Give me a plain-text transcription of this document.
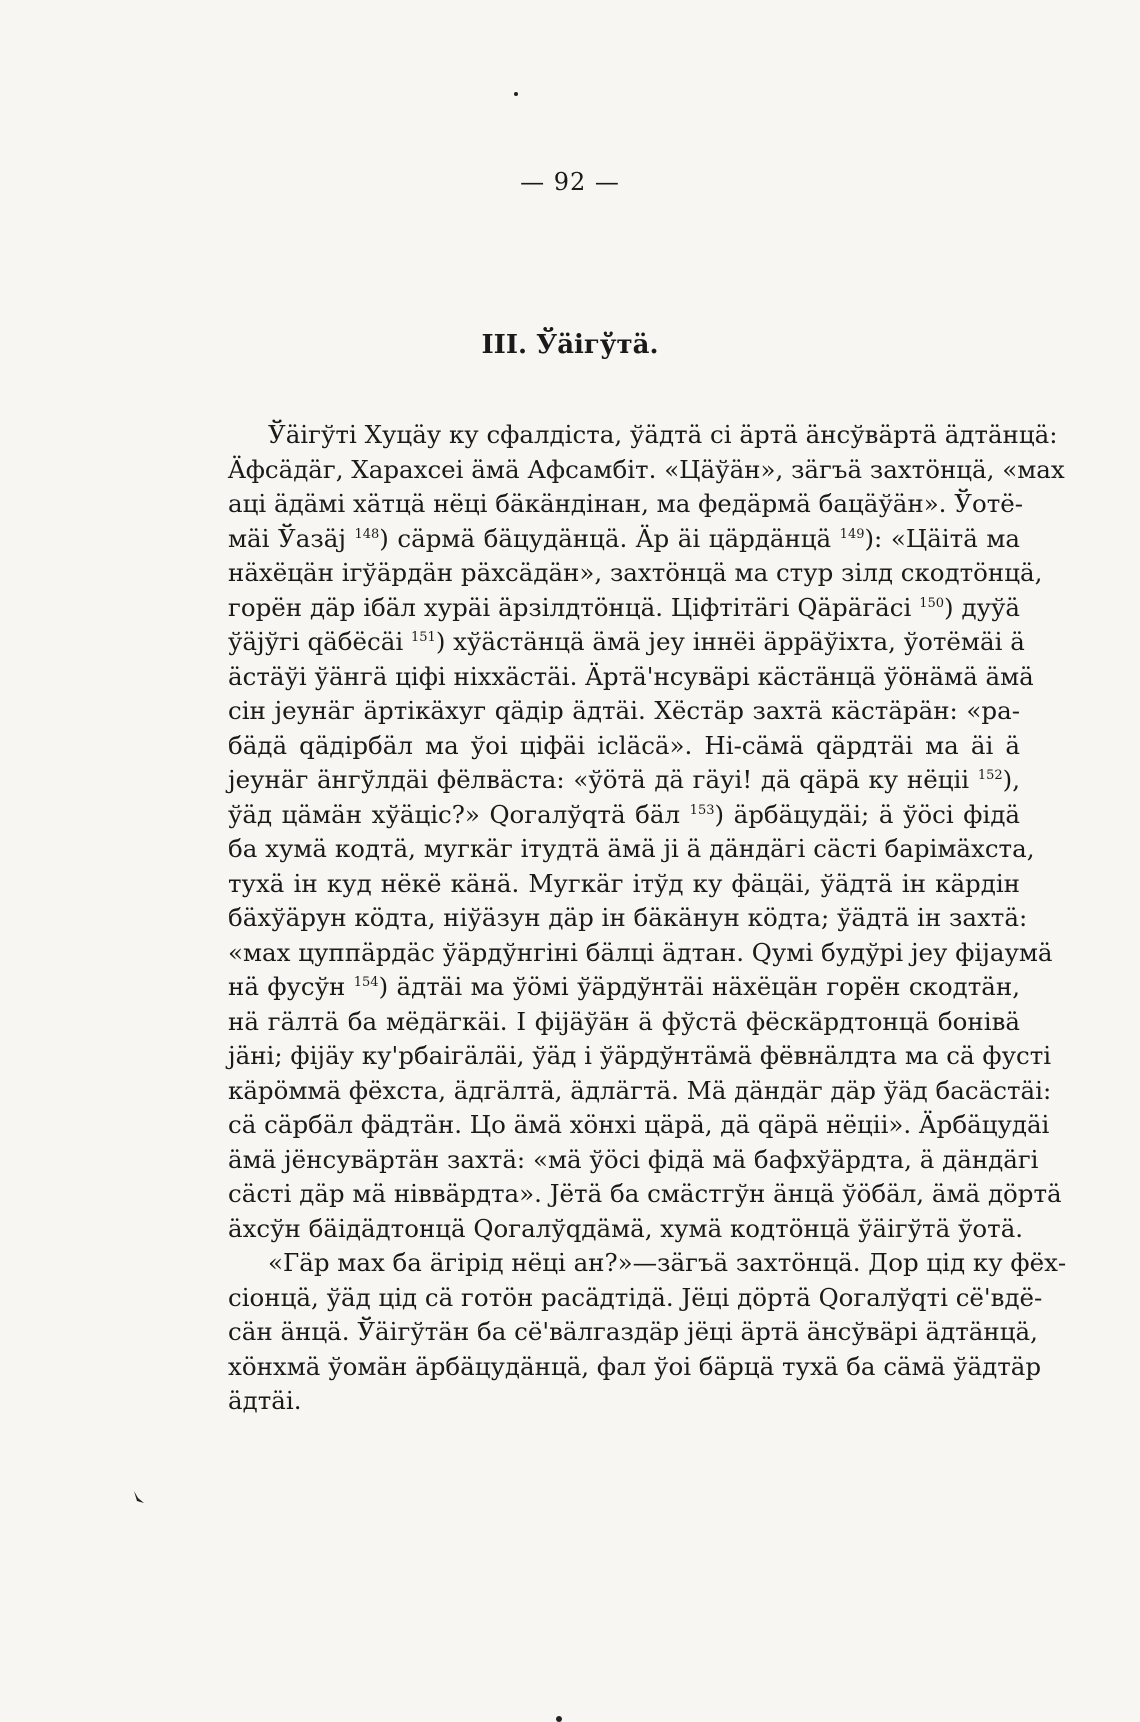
— 92 —
III. Ўäiгўтä.
Ўäiгўтi Хуцäу ку сфалдiста, ўäдтä сi äртä äнсўвäртä äдтäнцä:
Äфсäдäг, Харахсеi äмä Афсамбiт. «Цäўäн», зäгъä захтöнцä, «мах
аці äдäмi хäтцä нёцi бäкäндiнан, ма федäрмä бацäўäн». Ўотё-
мäi Ўазäj $^{148}$) сäрмä бäцудäнцä. Äр äi цäрдäнцä $^{149}$): «Цäiтä ма
нäхёцäн iгўäрдäн рäхсäдäн», захтöнцä ма стур зiлд скодтöнцä,
горён дäр iбäл хурäi äрзiлдтöнцä. Цiфтiтäгi Qäрäгäсi $^{150}$) дуўä
ўäjўгi qäбёсäi $^{151}$) хўäстäнцä äмä jеу iннёi äррäўiхта, ўотёмäi ä
äстäўi ўäнгä цiфi нiххäстäi. Äртä'нсувäрi кäстäнцä ўöнäмä äмä
сiн jеунäг äртiкäхуг qäдiр äдтäi. Хёстäр захтä кäстäрäн: «ра-
бäдä qäдiрбäл ма ўоi цiфäi iсläсä». Нi-сäмä qäрдтäi ма äi ä
jеунäг äнгўлдäi фёлвäста: «ўöтä дä гäуi! дä qäрä ку нёцii $^{152}$),
ўäд цäмäн хўäцiс?» Qогалўqтä бäл $^{153}$) äрбäцудäi; ä ўöсi фiдä
ба хумä кодтä, мугкäг iтудтä äмä ji ä дäндäгi сäстi барiмäхста,
тухä iн куд нёкё кäнä. Мугкäг iтўд ку фäцäi, ўäдтä iн кäрдiн
бäхўäрун кöдта, нiўäзун дäр iн бäкäнун кöдта; ўäдтä iн захтä:
«мах цуппäрдäс ўäрдўнгiнi бäлцi äдтан. Qумi будўрi jеу фijаумä
нä фусўн $^{154}$) äдтäi ма ўöмi ўäрдўнтäi нäхёцäн горён скодтäн,
нä гäлтä ба мёдäгкäi. I фijäўäн ä фўстä фёскäрдтонцä бонiвä
jäнi; фijäу ку'рбаiгäлäi, ўäд i ўäрдўнтäмä фёвнäлдта ма сä фустi
кäрöммä фёхста, äдгäлтä, äдлäгтä. Мä дäндäг дäр ўäд басäстäi:
сä сäрбäл фäдтäн. Цо äмä хöнхi цäрä, дä qäрä нёцii». Äрбäцудäi
äмä jёнсувäртäн захтä: «мä ўöсi фiдä мä бафхўäрдта, ä дäндäгi
сäстi дäр мä нiввäрдта». Jётä ба смäстгўн äнцä ўöбäл, äмä дöртä
äхсўн бäiдäдтонцä Qогалўqдäмä, хумä кодтöнцä ўäiгўтä ўотä.
«Гäр мах ба äгiрiд нёцi ан?»—зäгъä захтöнцä. Дор цiд ку фёх-
сiонцä, ўäд цiд сä готöн расäдтiдä. Jёцi дöртä Qогалўqтi сё'вдё-
сäн äнцä. Ўäiгўтäн ба сё'вäлгаздäр jёцi äртä äнсўвäрi äдтäнцä,
хöнхмä ўомäн äрбäцудäнцä, фал ўоi бäрцä тухä ба сäмä ўäдтäр
äдтäi.
